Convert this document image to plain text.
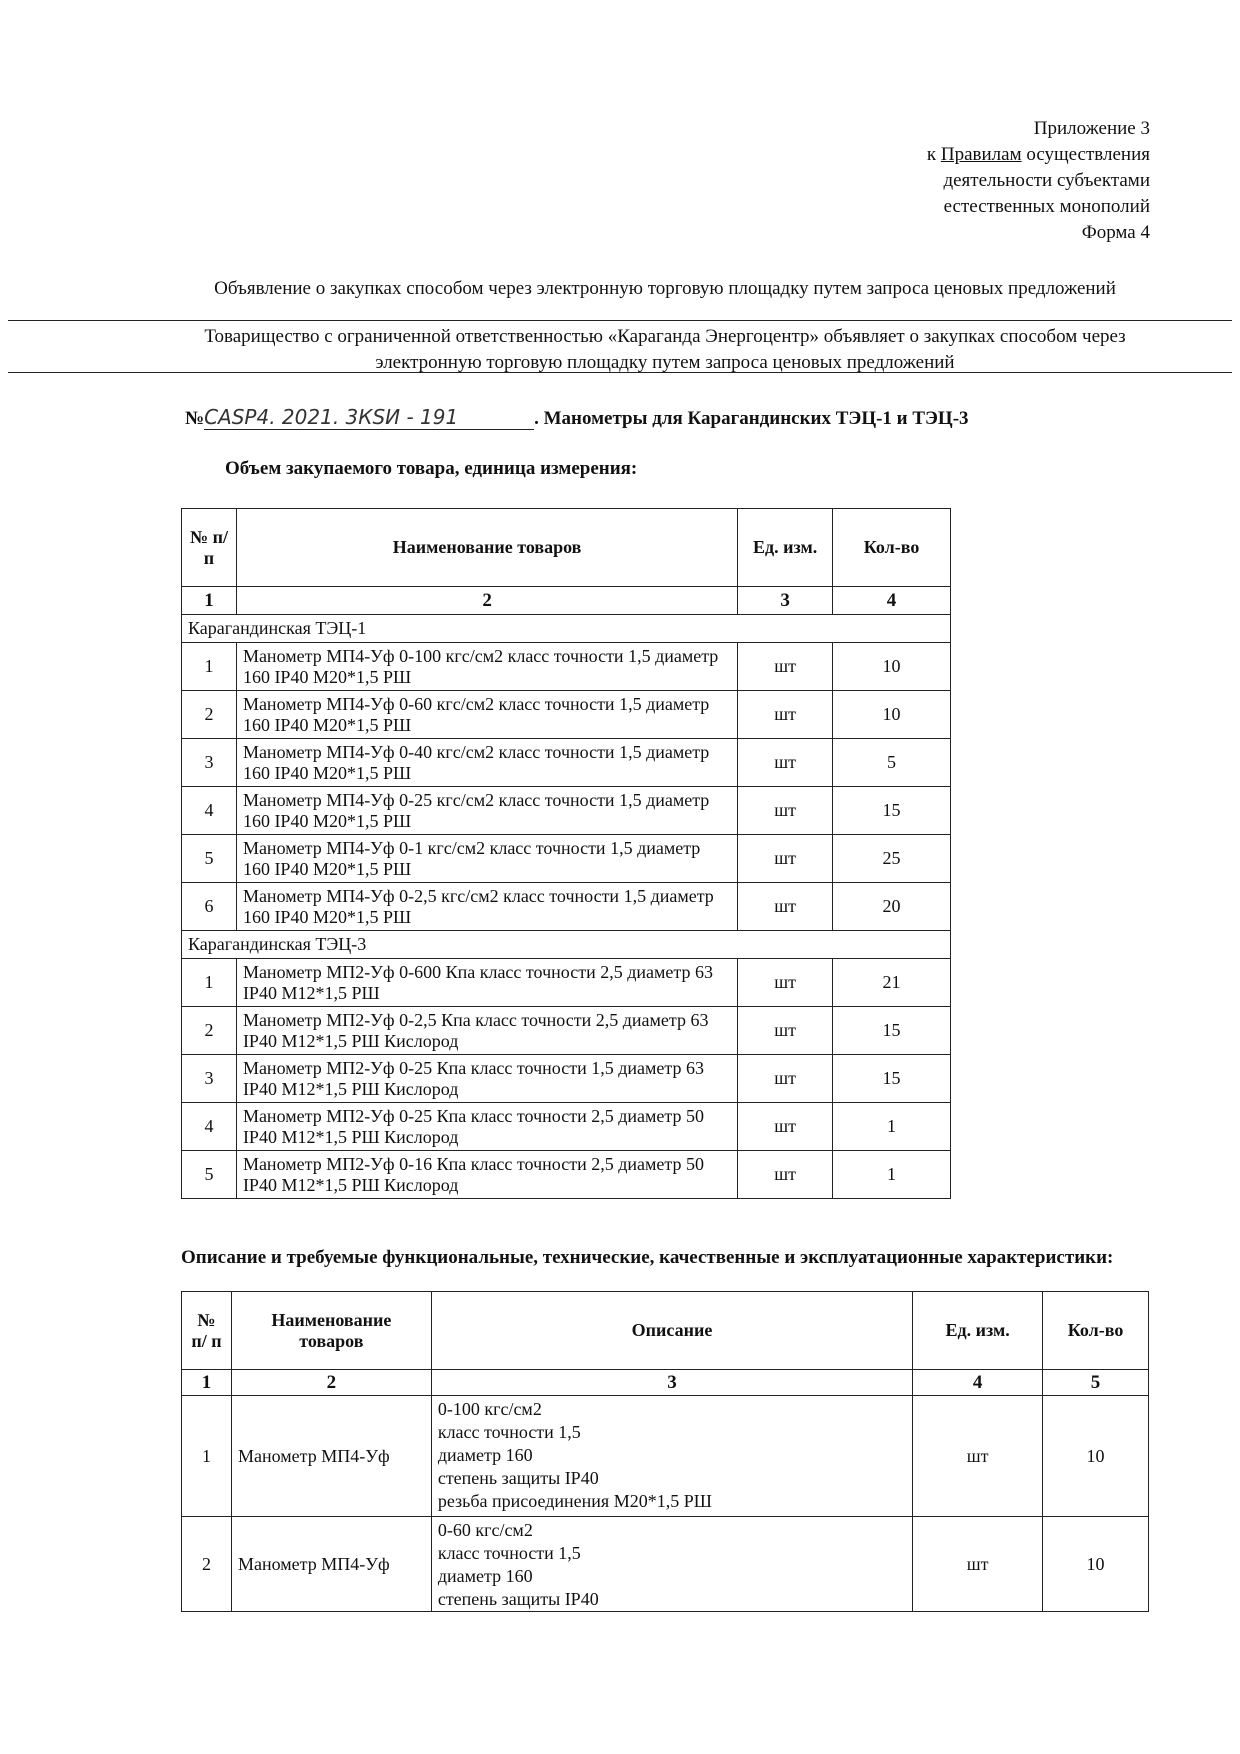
Приложение 3
к Правилам осуществления
деятельности субъектами
естественных монополий
Форма 4
Объявление о закупках способом через электронную торговую площадку путем запроса ценовых предложений
Товарищество с ограниченной ответственностью «Караганда Энергоцентр» объявляет о закупках способом через электронную торговую площадку путем запроса ценовых предложений
№CASP4. 2021. 3КSИ - 191	. Манометры для Карагандинских ТЭЦ-1 и ТЭЦ-3
Объем закупаемого товара, единица измерения:
№ п/п	Наименование товаров	Ед. изм.	Кол-во
1	2	3	4
Карагандинская ТЭЦ-1			
1	Манометр МП4-Уф 0-100 кгс/см2 класс точности 1,5 диаметр 160 IP40 М20*1,5 РШ	шт	10
2	Манометр МП4-Уф 0-60 кгс/см2 класс точности 1,5 диаметр 160 IP40 М20*1,5 РШ	шт	10
3	Манометр МП4-Уф 0-40 кгс/см2 класс точности 1,5 диаметр 160 IP40 М20*1,5 РШ	шт	5
4	Манометр МП4-Уф 0-25 кгс/см2 класс точности 1,5 диаметр 160 IP40 М20*1,5 РШ	шт	15
5	Манометр МП4-Уф 0-1 кгс/см2 класс точности 1,5 диаметр 160 IP40 М20*1,5 РШ	шт	25
6	Манометр МП4-Уф 0-2,5 кгс/см2 класс точности 1,5 диаметр 160 IP40 М20*1,5 РШ	шт	20
Карагандинская ТЭЦ-3			
1	Манометр МП2-Уф 0-600 Кпа класс точности 2,5 диаметр 63 IP40 М12*1,5 РШ	шт	21
2	Манометр МП2-Уф 0-2,5 Кпа класс точности 2,5 диаметр 63 IP40 М12*1,5 РШ Кислород	шт	15
3	Манометр МП2-Уф 0-25 Кпа класс точности 1,5 диаметр 63 IP40 М12*1,5 РШ Кислород	шт	15
4	Манометр МП2-Уф 0-25 Кпа класс точности 2,5 диаметр 50 IP40 М12*1,5 РШ Кислород	шт	1
5	Манометр МП2-Уф 0-16 Кпа класс точности 2,5 диаметр 50 IP40 М12*1,5 РШ Кислород	шт	1
Описание и требуемые функциональные, технические, качественные и эксплуатационные характеристики:
№ п/ п	Наименование товаров	Описание	Ед. изм.	Кол-во
1	2	3	4	5
1	Манометр МП4-Уф	0-100 кгс/см2
класс точности 1,5
диаметр 160
степень защиты IP40
резьба присоединения М20*1,5 РШ	шт	10
2	Манометр МП4-Уф	0-60 кгс/см2
класс точности 1,5
диаметр 160
степень защиты IP40	шт	10
